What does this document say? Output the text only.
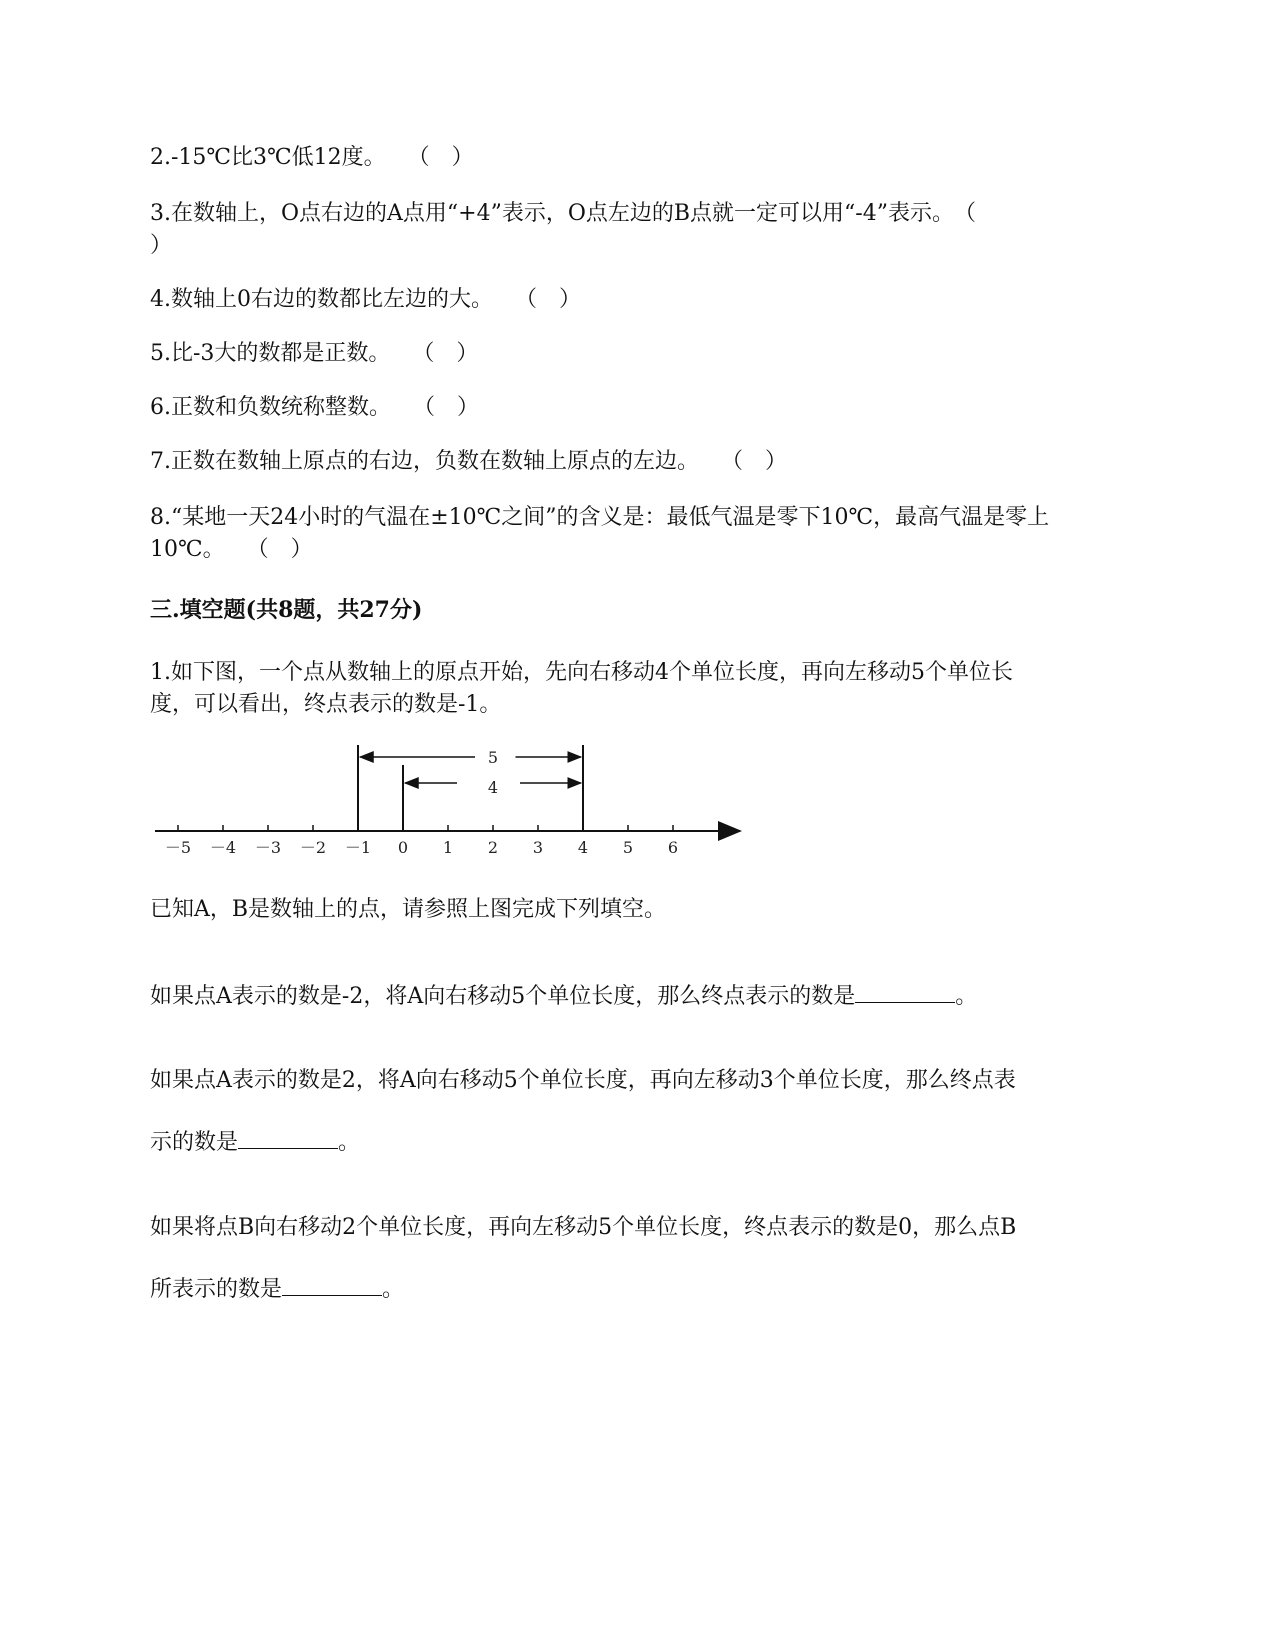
2.-15℃比3℃低12度。　　（　）
3.在数轴上，O点右边的A点用“+4”表示，O点左边的B点就一定可以用“-4”表示。　（
）
4.数轴上0右边的数都比左边的大。　　（　）
5.比-3大的数都是正数。　　（　）
6.正数和负数统称整数。　　（　）
7.正数在数轴上原点的右边，负数在数轴上原点的左边。　　（　）
8.“某地一天24小时的气温在±10℃之间”的含义是：最低气温是零下10℃，最高气温是零上
10℃。　　（　）
三.填空题(共8题，共27分)
1.如下图，一个点从数轴上的原点开始，先向右移动4个单位长度，再向左移动5个单位长
度，可以看出，终点表示的数是-1。
－5 －4 －3 －2 －1 0 1 2 3 4 5 6
5
4
已知A，B是数轴上的点，请参照上图完成下列填空。
如果点A表示的数是-2，将A向右移动5个单位长度，那么终点表示的数是	。
如果点A表示的数是2，将A向右移动5个单位长度，再向左移动3个单位长度，那么终点表
示的数是	。
如果将点B向右移动2个单位长度，再向左移动5个单位长度，终点表示的数是0，那么点B
所表示的数是	。
